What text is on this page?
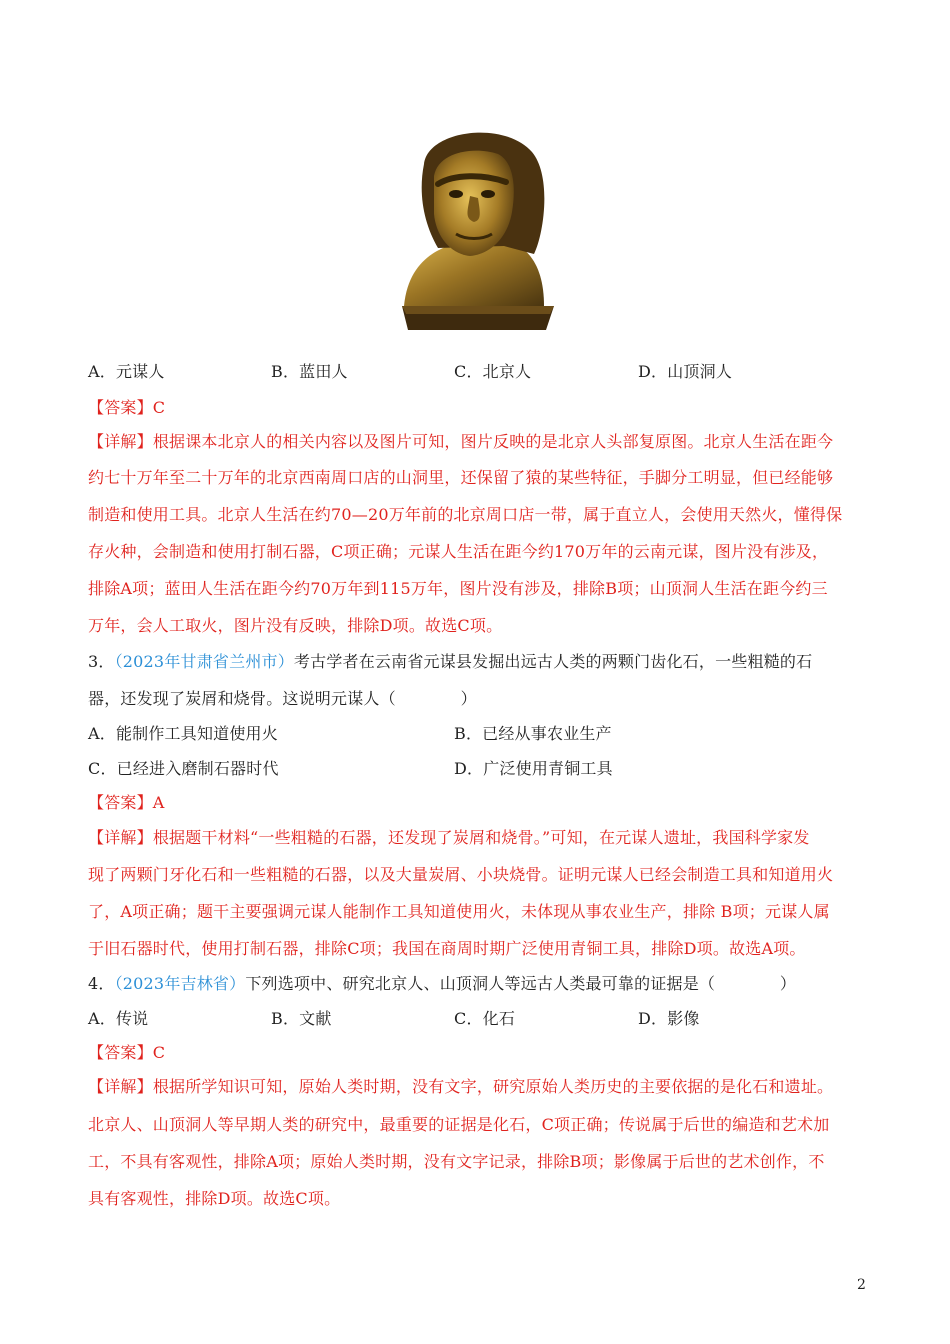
A．元谋人	B．蓝田人	C．北京人	D．山顶洞人
【答案】C
【详解】根据课本北京人的相关内容以及图片可知，图片反映的是北京人头部复原图。北京人生活在距今
约七十万年至二十万年的北京西南周口店的山洞里，还保留了猿的某些特征，手脚分工明显，但已经能够
制造和使用工具。北京人生活在约70—20万年前的北京周口店一带，属于直立人，会使用天然火，懂得保
存火种，会制造和使用打制石器，C项正确；元谋人生活在距今约170万年的云南元谋，图片没有涉及，
排除A项；蓝田人生活在距今约70万年到115万年，图片没有涉及，排除B项；山顶洞人生活在距今约三
万年，会人工取火，图片没有反映，排除D项。故选C项。
3．（2023年甘肃省兰州市）考古学者在云南省元谋县发掘出远古人类的两颗门齿化石，一些粗糙的石
器，还发现了炭屑和烧骨。这说明元谋人（　　　　）
A．能制作工具知道使用火	B．已经从事农业生产
C．已经进入磨制石器时代	D．广泛使用青铜工具
【答案】A
【详解】根据题干材料“一些粗糙的石器，还发现了炭屑和烧骨。”可知，在元谋人遗址，我国科学家发
现了两颗门牙化石和一些粗糙的石器，以及大量炭屑、小块烧骨。证明元谋人已经会制造工具和知道用火
了，A项正确；题干主要强调元谋人能制作工具知道使用火，未体现从事农业生产，排除 B项；元谋人属
于旧石器时代，使用打制石器，排除C项；我国在商周时期广泛使用青铜工具，排除D项。故选A项。
4．（2023年吉林省）下列选项中、研究北京人、山顶洞人等远古人类最可靠的证据是（　　　　）
A．传说	B．文献	C．化石	D．影像
【答案】C
【详解】根据所学知识可知，原始人类时期，没有文字，研究原始人类历史的主要依据的是化石和遗址。
北京人、山顶洞人等早期人类的研究中，最重要的证据是化石，C项正确；传说属于后世的编造和艺术加
工，不具有客观性，排除A项；原始人类时期，没有文字记录，排除B项；影像属于后世的艺术创作，不
具有客观性，排除D项。故选C项。
2
